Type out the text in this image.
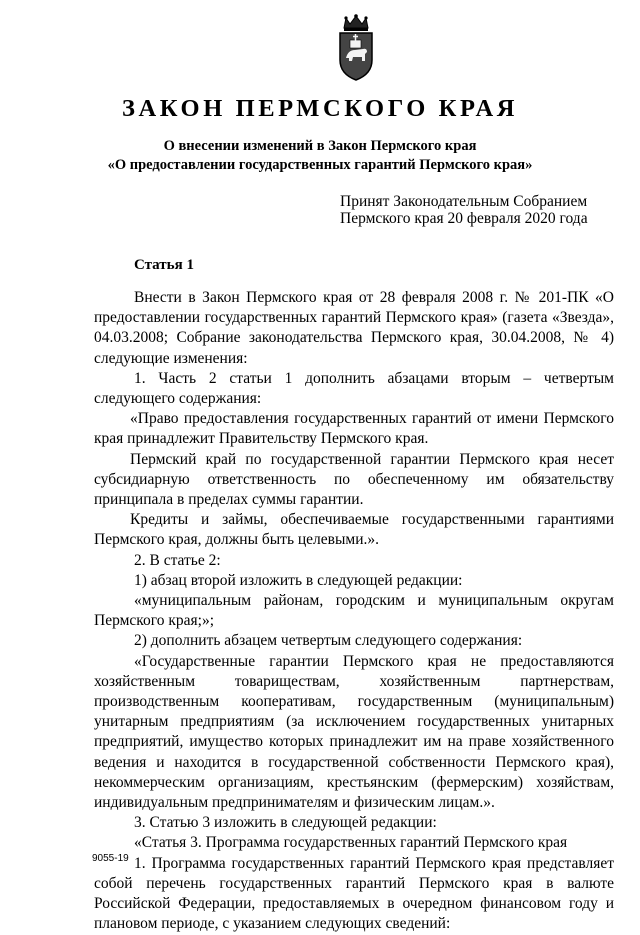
ЗАКОН ПЕРМСКОГО КРАЯ
О внесении изменений в Закон Пермского края
«О предоставлении государственных гарантий Пермского края»
Принят Законодательным Собранием
Пермского края 20 февраля 2020 года
Статья 1

Внести в Закон Пермского края от 28 февраля 2008 г. № 201-ПК «О предоставлении государственных гарантий Пермского края» (газета «Звезда», 04.03.2008; Собрание законодательства Пермского края, 30.04.2008, № 4) следующие изменения:

1. Часть 2 статьи 1 дополнить абзацами вторым – четвертым следующего содержания:

«Право предоставления государственных гарантий от имени Пермского края принадлежит Правительству Пермского края.

Пермский край по государственной гарантии Пермского края несет субсидиарную ответственность по обеспеченному им обязательству принципала в пределах суммы гарантии.

Кредиты и займы, обеспечиваемые государственными гарантиями Пермского края, должны быть целевыми.».

2. В статье 2:

1) абзац второй изложить в следующей редакции:

«муниципальным районам, городским и муниципальным округам Пермского края;»;

2) дополнить абзацем четвертым следующего содержания:

«Государственные гарантии Пермского края не предоставляются хозяйственным товариществам, хозяйственным партнерствам, производственным кооперативам, государственным (муниципальным) унитарным предприятиям (за исключением государственных унитарных предприятий, имущество которых принадлежит им на праве хозяйственного ведения и находится в государственной собственности Пермского края), некоммерческим организациям, крестьянским (фермерским) хозяйствам, индивидуальным предпринимателям и физическим лицам.».

3. Статью 3 изложить в следующей редакции:

«Статья 3. Программа государственных гарантий Пермского края

1. Программа государственных гарантий Пермского края представляет собой перечень государственных гарантий Пермского края в валюте Российской Федерации, предоставляемых в очередном финансовом году и плановом периоде, с указанием следующих сведений:

9055-19
